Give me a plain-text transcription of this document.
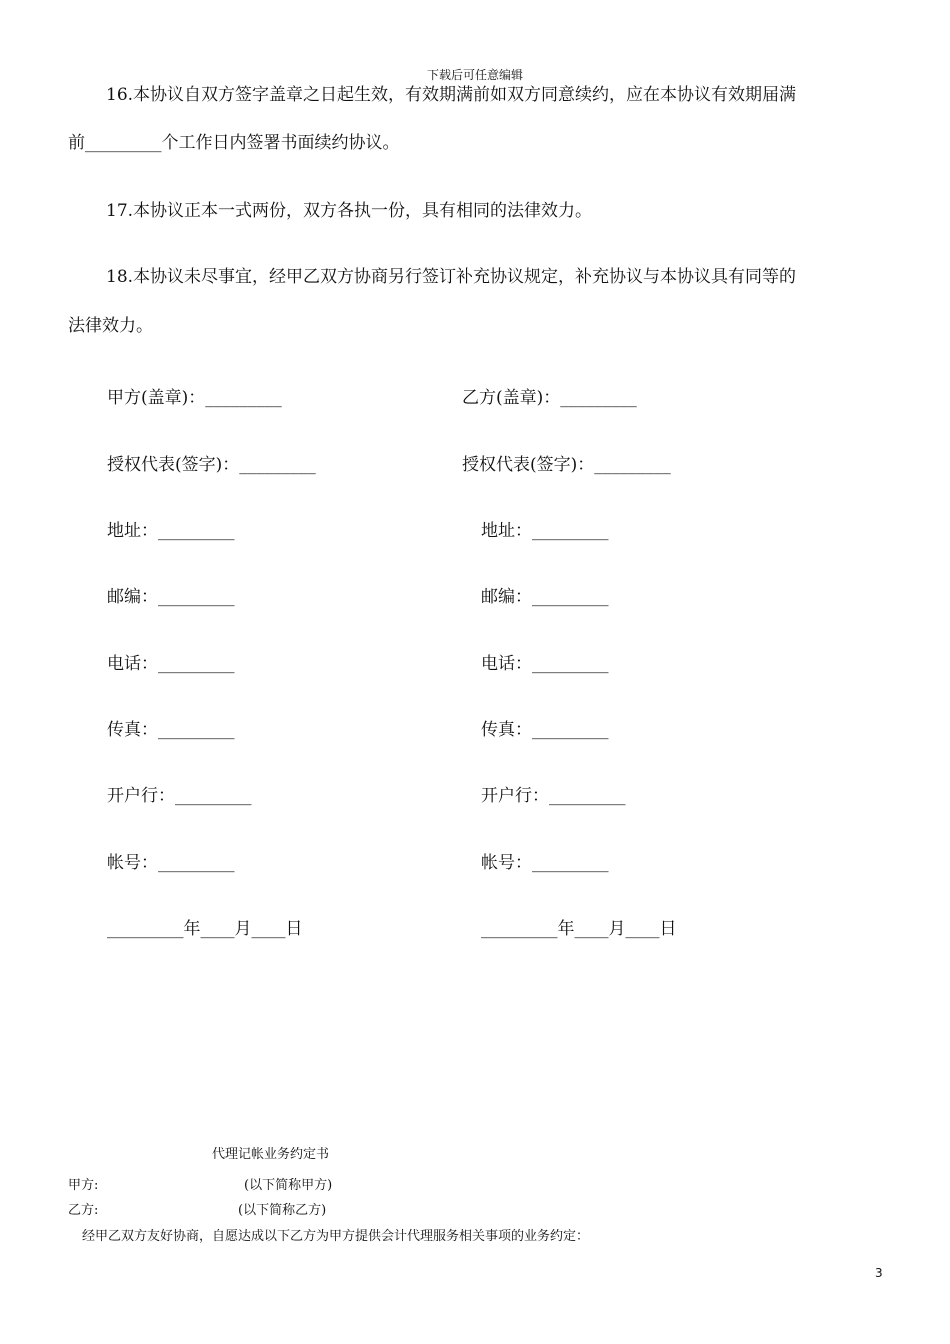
下载后可任意编辑
16.本协议自双方签字盖章之日起生效，有效期满前如双方同意续约，应在本协议有效期届满
前_________个工作日内签署书面续约协议。
17.本协议正本一式两份，双方各执一份，具有相同的法律效力。
18.本协议未尽事宜，经甲乙双方协商另行签订补充协议规定，补充协议与本协议具有同等的
法律效力。
甲方(盖章)：_________
授权代表(签字)：_________
地址：_________
邮编：_________
电话：_________
传真：_________
开户行：_________
帐号：_________
_________年____月____日
乙方(盖章)：_________
授权代表(签字)：_________
地址：_________
邮编：_________
电话：_________
传真：_________
开户行：_________
帐号：_________
_________年____月____日
代理记帐业务约定书
甲方:	(以下简称甲方)
乙方:	(以下简称乙方)
经甲乙双方友好协商，自愿达成以下乙方为甲方提供会计代理服务相关事项的业务约定：
3
